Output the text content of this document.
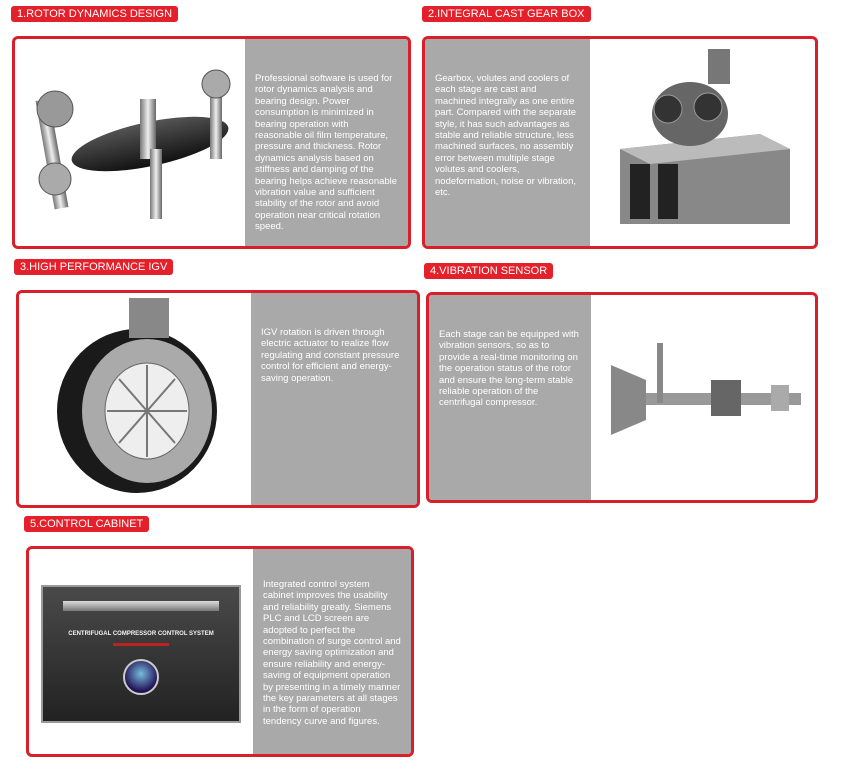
1.ROTOR DYNAMICS DESIGN
Professional software is used for rotor dynamics analysis and bearing design. Power consumption is minimized in bearing operation with reasonable oil film temperature, pressure and thickness. Rotor dynamics analysis based on stiffness and damping of the bearing helps achieve reasonable vibration value and sufficient stability of the rotor and avoid operation near critical rotation speed.
2.INTEGRAL CAST GEAR BOX
Gearbox, volutes and coolers of each stage are cast and machined integrally as one entire part. Compared with the separate style, it has such advantages as stable and reliable structure, less machined surfaces, no assembly error between multiple stage volutes and coolers, nodeformation, noise or vibration, etc.
3.HIGH PERFORMANCE IGV
IGV rotation is driven through electric actuator to realize flow regulating and constant pressure control for efficient and energy-saving operation.
4.VIBRATION SENSOR
Each stage can be equipped with vibration sensors, so as to provide a real-time monitoring on the operation status of the rotor and ensure the long-term stable reliable operation of the centrifugal compressor.
5.CONTROL CABINET
CENTRIFUGAL COMPRESSOR CONTROL SYSTEM
Integrated control system cabinet improves the usability and reliability greatly. Siemens PLC and LCD screen are adopted to perfect the combination of surge control and energy saving optimization and ensure reliability and energy-saving of equipment operation by presenting in a timely manner the key parameters at all stages in the form of operation tendency curve and figures.
